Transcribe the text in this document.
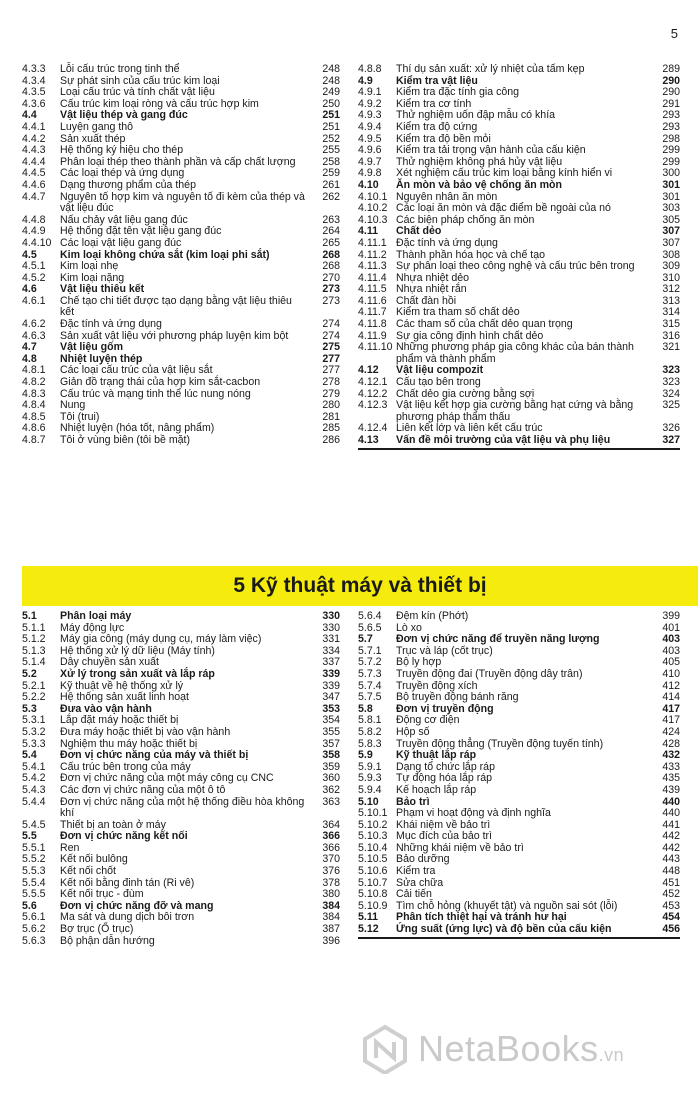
5
4.3.3	Lỗi cấu trúc trong tinh thể	248
4.3.4	Sự phát sinh của cấu trúc kim loại	248
4.3.5	Loại cấu trúc và tính chất vật liệu	249
4.3.6	Cấu trúc kim loại ròng và cấu trúc hợp kim	250
4.4	Vật liệu thép và gang đúc	251
4.4.1	Luyện gang thô	251
4.4.2	Sản xuất thép	252
4.4.3	Hệ thống ký hiệu cho thép	255
4.4.4	Phân loại thép theo thành phần và cấp chất lượng	258
4.4.5	Các loại thép và ứng dụng	259
4.4.6	Dạng thương phẩm của thép	261
4.4.7	Nguyên tố hợp kim và nguyên tố đi kèm của thép và vật liệu đúc
262
4.4.8	Nấu chảy vật liệu gang đúc	263
4.4.9	Hệ thống đặt tên vật liệu gang đúc	264
4.4.10 Các loại vật liệu gang đúc	265
4.5	Kim loại không chứa sắt (kim loại phi sắt)	268
4.5.1	Kim loại nhẹ	268
4.5.2	Kim loại nặng	270
4.6	Vật liệu thiêu kết	273
4.6.1	Chế tạo chi tiết được tạo dạng bằng vật liệu thiêu kết
273
4.6.2	Đặc tính và ứng dụng	274
4.6.3	Sản xuất vật liệu với phương pháp luyện kim bột	274
4.7	Vật liệu gốm	275
4.8	Nhiệt luyện thép	277
4.8.1	Các loại cấu trúc của vật liệu sắt	277
4.8.2	Giản đồ trạng thái của hợp kim sắt-cacbon	278
4.8.3	Cấu trúc và mạng tinh thể lúc nung nóng	279
4.8.4	Nung	280
4.8.5	Tôi (trui)	281
4.8.6	Nhiệt luyện (hóa tốt, nâng phẩm)	285
4.8.7	Tôi ở vùng biên (tôi bề mặt)	286
4.8.8	Thí dụ sản xuất: xử lý nhiệt của tấm kẹp	289
4.9	Kiểm tra vật liệu	290
4.9.1	Kiểm tra đặc tính gia công	290
4.9.2	Kiểm tra cơ tính	291
4.9.3	Thử nghiệm uốn đập mẫu có khía	293
4.9.4	Kiểm tra độ cứng	293
4.9.5	Kiểm tra độ bền mỏi	298
4.9.6	Kiểm tra tải trọng vận hành của cấu kiện	299
4.9.7	Thử nghiệm không phá hủy vật liệu	299
4.9.8	Xét nghiệm cấu trúc kim loại bằng kính hiển vi	300
4.10	Ăn mòn và bảo vệ chống ăn mòn	301
4.10.1 Nguyên nhân ăn mòn	301
4.10.2 Các loại ăn mòn và đặc điểm bề ngoài của nó	303
4.10.3 Các biện pháp chống ăn mòn	305
4.11	Chất dẻo	307
4.11.1 Đặc tính và ứng dụng	307
4.11.2 Thành phần hóa học và chế tạo	308
4.11.3 Sự phân loại theo công nghệ và cấu trúc bên trong	309
4.11.4 Nhựa nhiệt dẻo	310
4.11.5 Nhựa nhiệt rắn	312
4.11.6 Chất đàn hồi	313
4.11.7 Kiểm tra tham số chất dẻo	314
4.11.8 Các tham số của chất dẻo quan trọng	315
4.11.9 Sự gia công định hình chất dẻo	316
4.11.10 Những phương pháp gia công khác của bán thành phẩm và thành phẩm
321
4.12	Vật liệu compozit	323
4.12.1 Cấu tạo bên trong	323
4.12.2 Chất dẻo gia cường bằng sợi	324
4.12.3 Vật liệu kết hợp gia cường bằng hạt cứng và bằng phương pháp thẩm thấu
325
4.12.4 Liên kết lớp và liên kết cấu trúc	326
4.13	Vấn đề môi trường của vật liệu và phụ liệu	327
5 Kỹ thuật máy và thiết bị
5.1	Phân loại máy	330
5.1.1	Máy động lực	330
5.1.2	Máy gia công (máy dụng cụ, máy làm việc)	331
5.1.3	Hệ thống xử lý dữ liệu (Máy tính)	334
5.1.4	Dây chuyền sản xuất	337
5.2	Xử lý trong sản xuất và lắp ráp	339
5.2.1	Kỹ thuật về hệ thống xử lý	339
5.2.2	Hệ thống sản xuất linh hoạt	347
5.3	Đưa vào vận hành	353
5.3.1	Lắp đặt máy hoặc thiết bị	354
5.3.2	Đưa máy hoặc thiết bị vào vận hành	355
5.3.3	Nghiệm thu máy hoặc thiết bị	357
5.4	Đơn vị chức năng của máy và thiết bị	358
5.4.1	Cấu trúc bên trong của máy	359
5.4.2	Đơn vị chức năng của một máy công cụ CNC	360
5.4.3	Các đơn vị chức năng của một ô tô	362
5.4.4	Đơn vị chức năng của một hệ thống điều hòa không khí
363
5.4.5	Thiết bị an toàn ở máy	364
5.5	Đơn vị chức năng kết nối	366
5.5.1	Ren	366
5.5.2	Kết nối bulông	370
5.5.3	Kết nối chốt	376
5.5.4	Kết nối bằng đinh tán (Ri vê)	378
5.5.5	Kết nối trục - đùm	380
5.6	Đơn vị chức năng đỡ và mang	384
5.6.1	Ma sát và dung dịch bôi trơn	384
5.6.2	Bợ trục (Ổ trục)	387
5.6.3	Bộ phận dẫn hướng	396
5.6.4	Đệm kín (Phớt)	399
5.6.5	Lò xo	401
5.7	Đơn vị chức năng để truyền năng lượng	403
5.7.1	Trục và láp (cốt trục)	403
5.7.2	Bộ ly hợp	405
5.7.3	Truyền động đai (Truyền động dây trân)	410
5.7.4	Truyền động xích	412
5.7.5	Bộ truyền động bánh răng	414
5.8	Đơn vị truyền động	417
5.8.1	Động cơ điện	417
5.8.2	Hộp số	424
5.8.3	Truyền động thẳng (Truyền động tuyến tính)	428
5.9	Kỹ thuật lắp ráp	432
5.9.1	Dạng tổ chức lắp ráp	433
5.9.3	Tự động hóa lắp ráp	435
5.9.4	Kế hoạch lắp ráp	439
5.10	Bảo trì	440
5.10.1 Phạm vi hoạt động và định nghĩa	440
5.10.2 Khái niệm về bảo trì	441
5.10.3 Mục đích của bảo trì	442
5.10.4 Những khái niệm về bảo trì	442
5.10.5 Bảo dưỡng	443
5.10.6 Kiểm tra	448
5.10.7 Sửa chữa	451
5.10.8 Cải tiến	452
5.10.9 Tìm chỗ hỏng (khuyết tật) và nguồn sai sót (lỗi)	453
5.11	Phân tích thiệt hại và tránh hư hại	454
5.12	Ứng suất (ứng lực) và độ bền của cấu kiện	456
NetaBooks.vn
